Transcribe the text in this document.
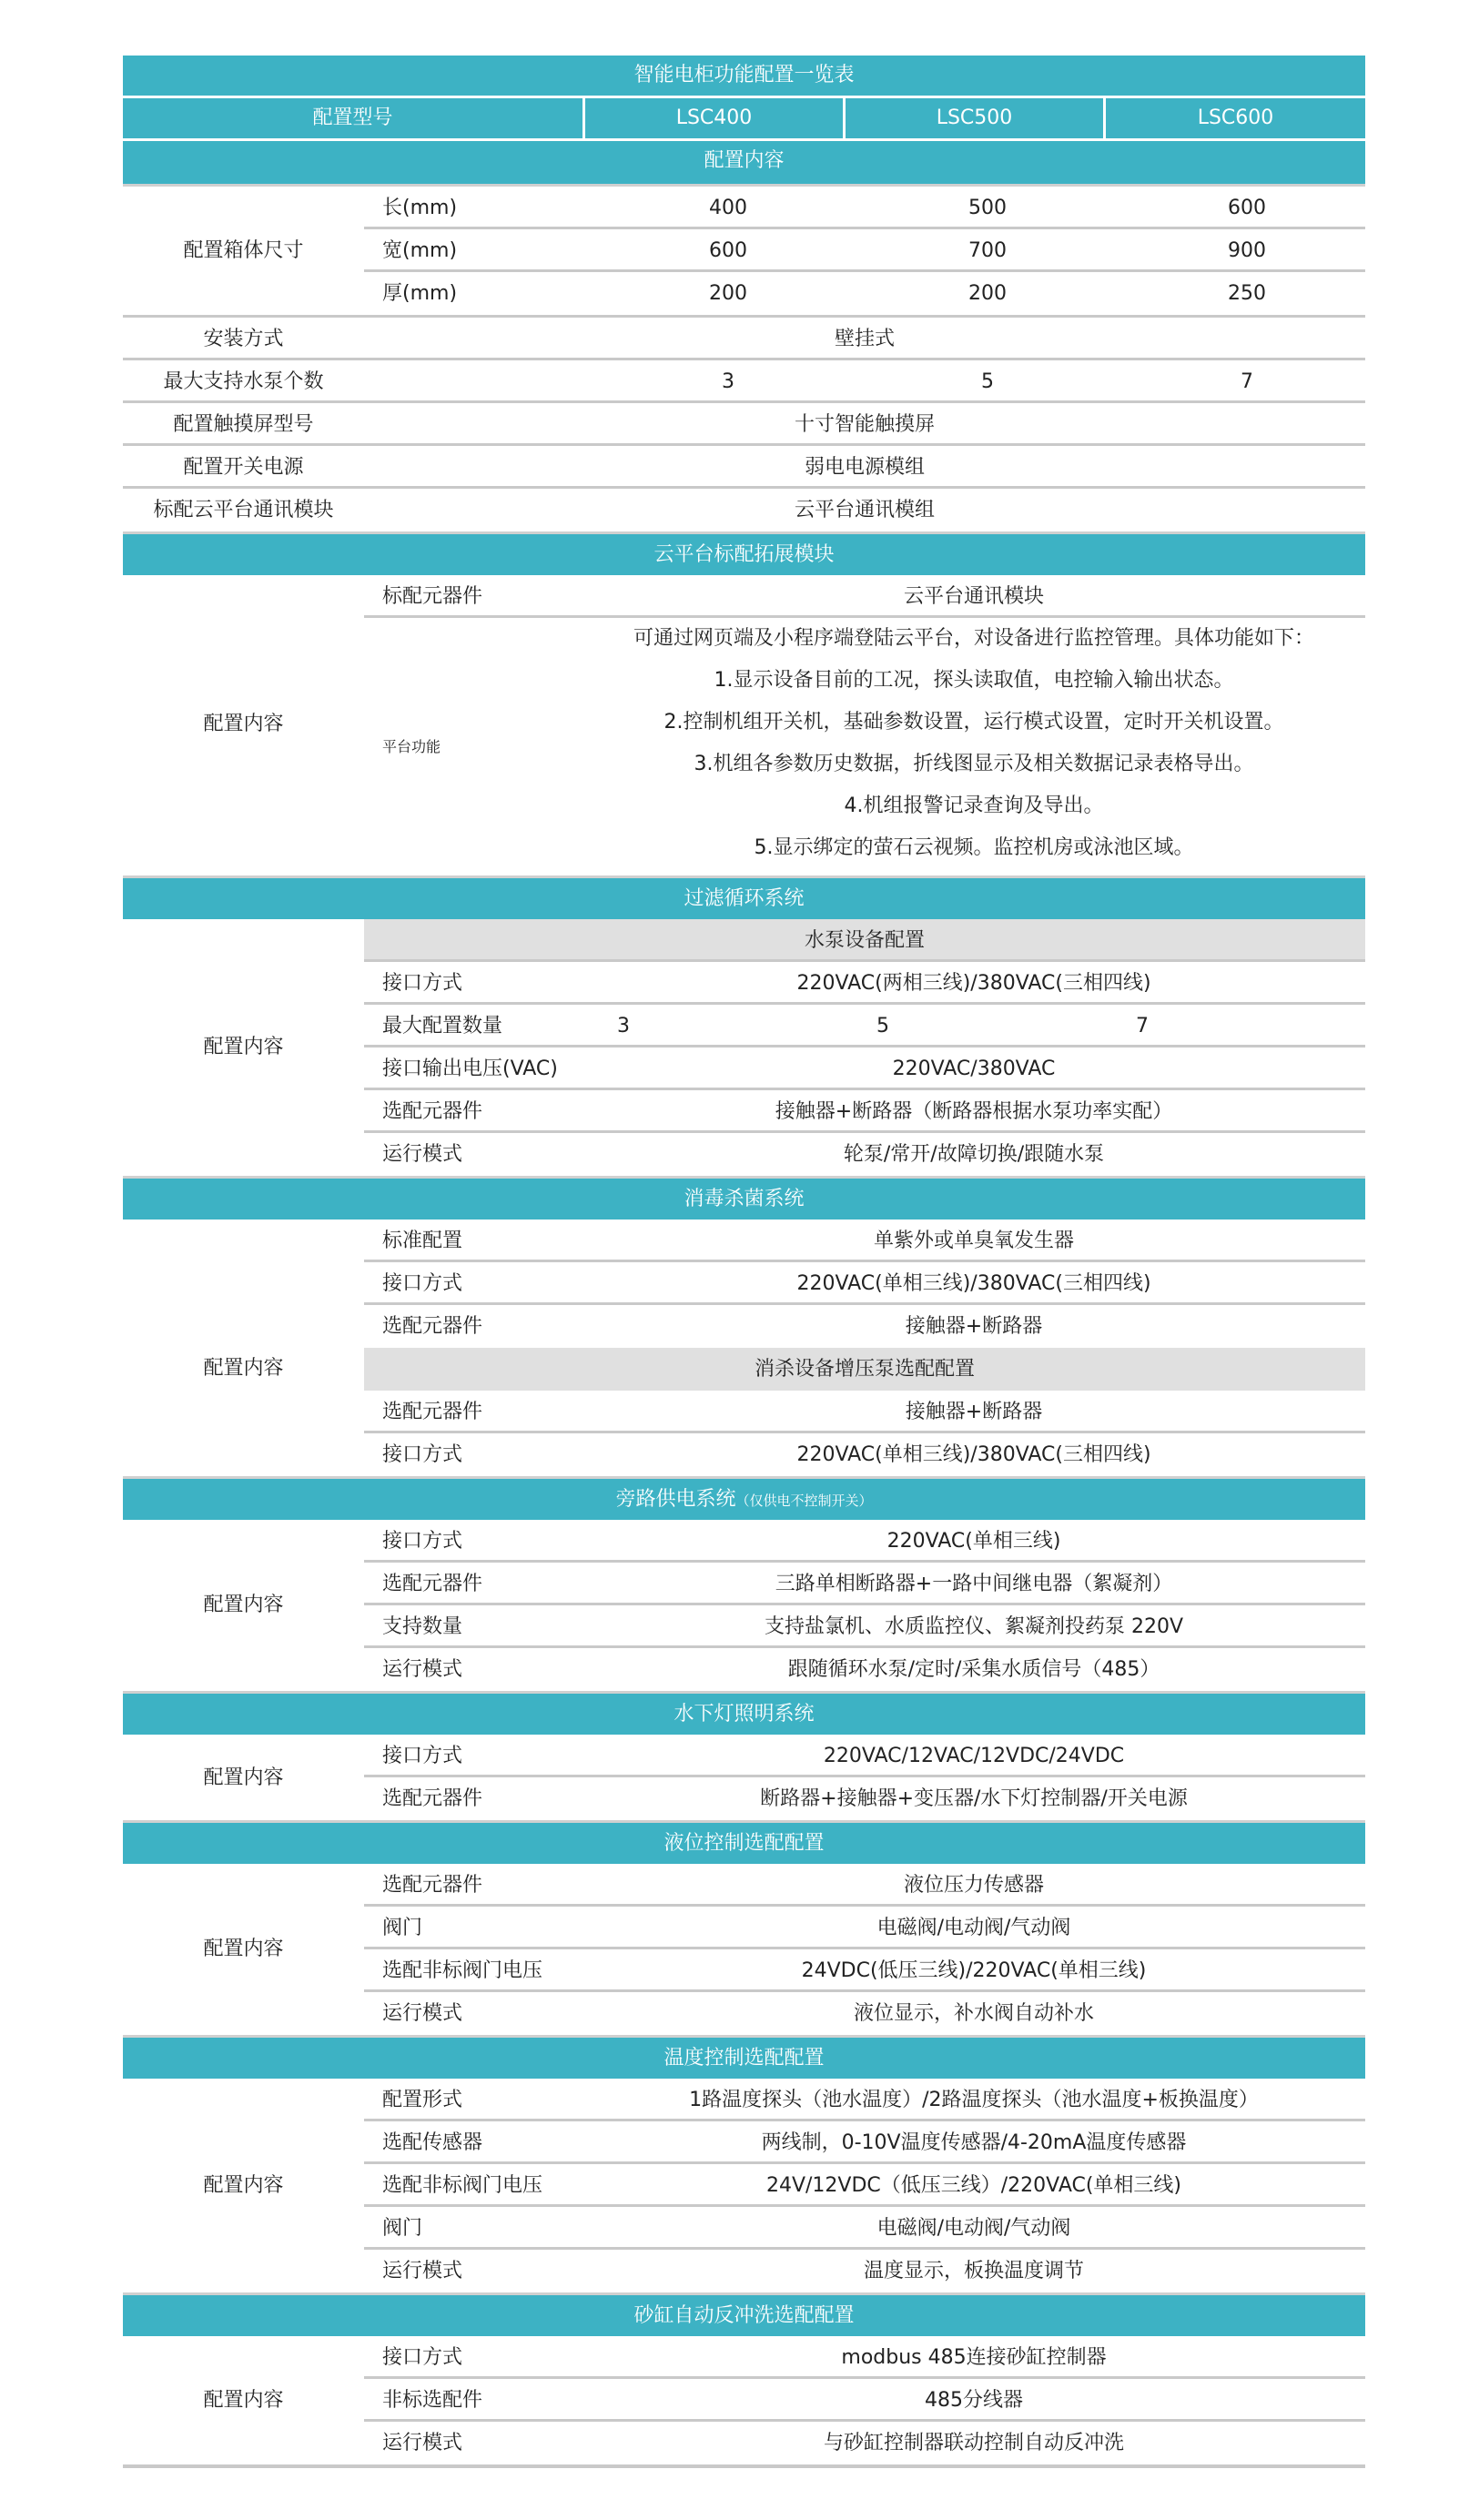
智能电柜功能配置一览表
配置型号	LSC400	LSC500	LSC600
配置内容
配置箱体尺寸
长(mm)	400	500	600
宽(mm)	600	700	900
厚(mm)	200	200	250
安装方式	壁挂式
最大支持水泵个数	3	5	7
配置触摸屏型号	十寸智能触摸屏
配置开关电源	弱电电源模组
标配云平台通讯模块	云平台通讯模组
云平台标配拓展模块
配置内容
标配元器件	云平台通讯模块
平台功能
可通过网页端及小程序端登陆云平台，对设备进行监控管理。具体功能如下：
1.显示设备目前的工况，探头读取值，电控输入输出状态。
2.控制机组开关机，基础参数设置，运行模式设置，定时开关机设置。
3.机组各参数历史数据，折线图显示及相关数据记录表格导出。
4.机组报警记录查询及导出。
5.显示绑定的萤石云视频。监控机房或泳池区域。
过滤循环系统
配置内容
水泵设备配置
接口方式	220VAC(两相三线)/380VAC(三相四线)
最大配置数量	3	5	7
接口输出电压(VAC)	220VAC/380VAC
选配元器件	接触器+断路器（断路器根据水泵功率实配）
运行模式	轮泵/常开/故障切换/跟随水泵
消毒杀菌系统
配置内容
标准配置	单紫外或单臭氧发生器
接口方式	220VAC(单相三线)/380VAC(三相四线)
选配元器件	接触器+断路器
消杀设备增压泵选配配置
选配元器件	接触器+断路器
接口方式	220VAC(单相三线)/380VAC(三相四线)
旁路供电系统（仅供电不控制开关）
配置内容
接口方式	220VAC(单相三线)
选配元器件	三路单相断路器+一路中间继电器（絮凝剂）
支持数量	支持盐氯机、水质监控仪、絮凝剂投药泵 220V
运行模式	跟随循环水泵/定时/采集水质信号（485）
水下灯照明系统
配置内容
接口方式	220VAC/12VAC/12VDC/24VDC
选配元器件	断路器+接触器+变压器/水下灯控制器/开关电源
液位控制选配配置
配置内容
选配元器件	液位压力传感器
阀门	电磁阀/电动阀/气动阀
选配非标阀门电压	24VDC(低压三线)/220VAC(单相三线)
运行模式	液位显示，补水阀自动补水
温度控制选配配置
配置内容
配置形式	1路温度探头（池水温度）/2路温度探头（池水温度+板换温度）
选配传感器	两线制，0-10V温度传感器/4-20mA温度传感器
选配非标阀门电压	24V/12VDC（低压三线）/220VAC(单相三线)
阀门	电磁阀/电动阀/气动阀
运行模式	温度显示，板换温度调节
砂缸自动反冲洗选配配置
配置内容
接口方式	modbus 485连接砂缸控制器
非标选配件	485分线器
运行模式	与砂缸控制器联动控制自动反冲洗
